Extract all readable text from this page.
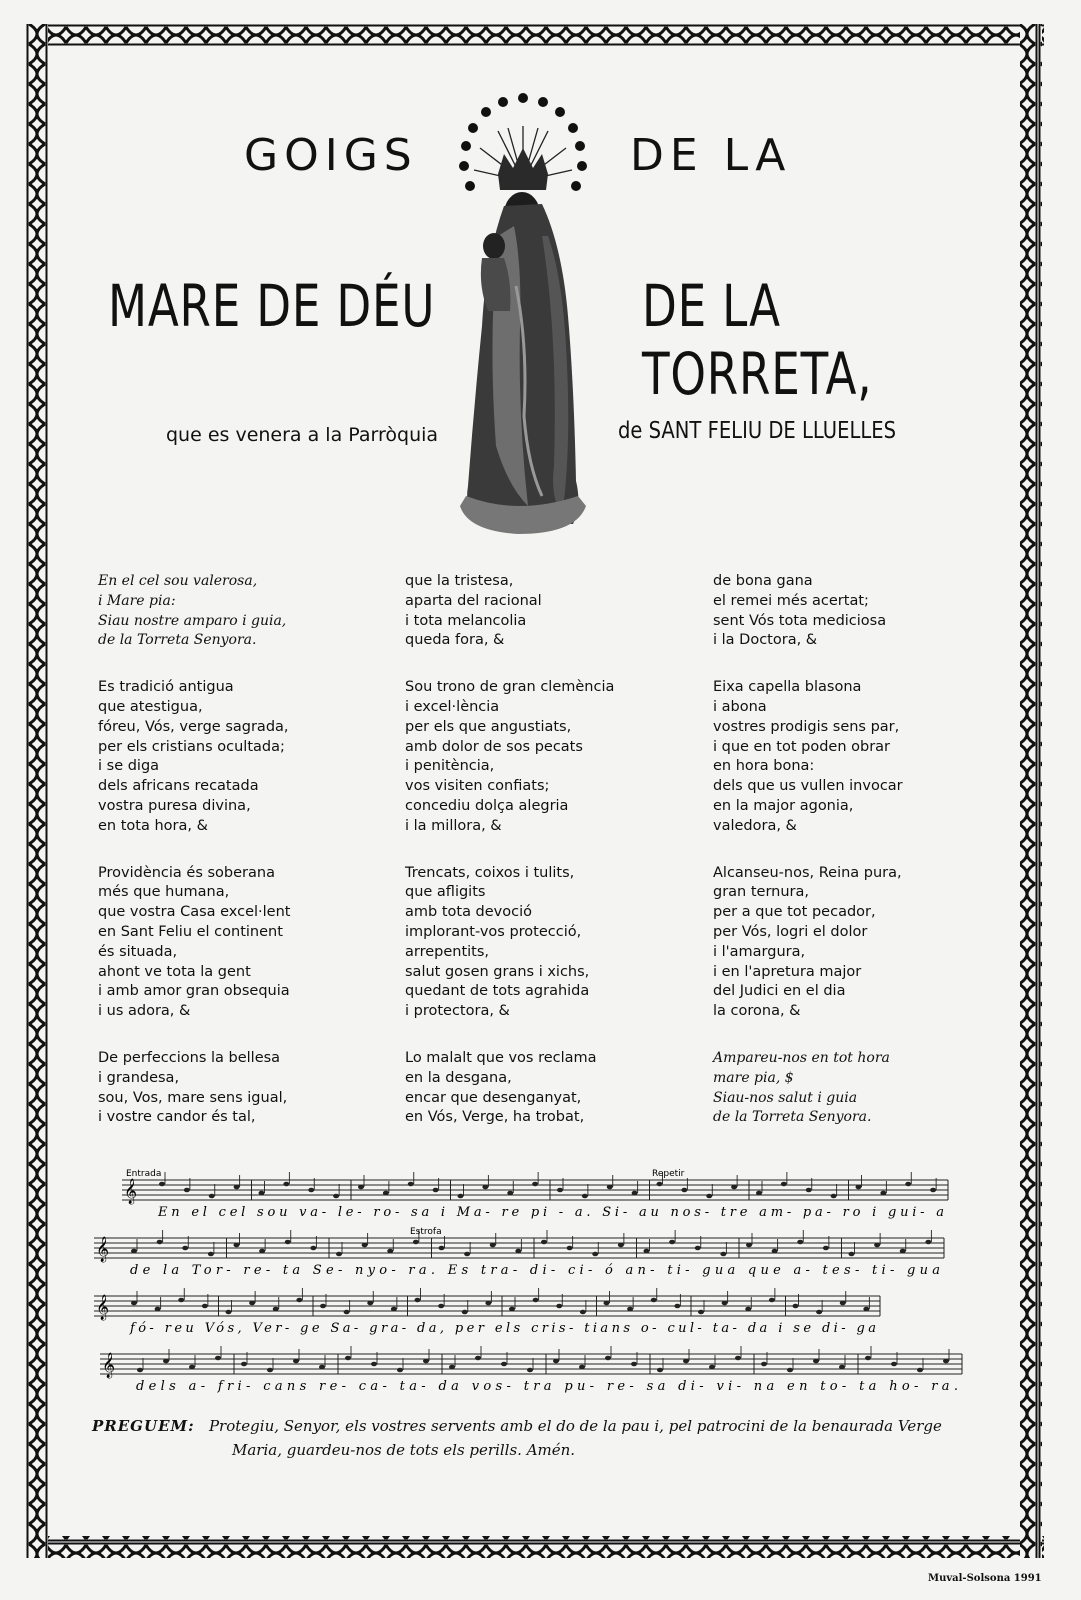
GOIGS	DE LA
MARE DE DÉU	DE LA TORRETA,
que es venera a la Parròquia	de SANT FELIU DE LLUELLES
En el cel sou valerosa,
i Mare pia:
Siau nostre amparo i guia,
de la Torreta Senyora.
Es tradició antigua
que atestigua,
fóreu, Vós, verge sagrada,
per els cristians ocultada;
i se diga
dels africans recatada
vostra puresa divina,
en tota hora, &
Providència és soberana
més que humana,
que vostra Casa excel·lent
en Sant Feliu el continent
és situada,
ahont ve tota la gent
i amb amor gran obsequia
i us adora, &
De perfeccions la bellesa
i grandesa,
sou, Vos, mare sens igual,
i vostre candor és tal,
que la tristesa,
aparta del racional
i tota melancolia
queda fora, &
Sou trono de gran clemència
i excel·lència
per els que angustiats,
amb dolor de sos pecats
i penitència,
vos visiten confiats;
concediu dolça alegria
i la millora, &
Trencats, coixos i tulits,
que afligits
amb tota devoció
implorant-vos protecció,
arrepentits,
salut gosen grans i xichs,
quedant de tots agrahida
i protectora, &
Lo malalt que vos reclama
en la desgana,
encar que desenganyat,
en Vós, Verge, ha trobat,
de bona gana
el remei més acertat;
sent Vós tota mediciosa
i la Doctora, &
Eixa capella blasona
i abona
vostres prodigis sens par,
i que en tot poden obrar
en hora bona:
dels que us vullen invocar
en la major agonia,
valedora, &
Alcanseu-nos, Reina pura,
gran ternura,
per a que tot pecador,
per Vós, logri el dolor
i l'amargura,
i en l'apretura major
del Judici en el dia
la corona, &
Ampareu-nos en tot hora
mare pia, $
Siau-nos salut i guia
de la Torreta Senyora.
𝄞
En el cel sou va- le- ro- sa i Ma- re pi - a. Si- au nos- tre am- pa- ro i gui- a
𝄞
de la Tor- re- ta Se- nyo- ra. Es tra- di- ci- ó an- ti- gua que a- tes- ti- gua
𝄞
fó- reu Vós, Ver- ge Sa- gra- da, per els cris- tians o- cul- ta- da i se di- ga
𝄞
dels a- fri- cans re- ca- ta- da vos- tra pu- re- sa di- vi- na en to- ta ho- ra.
Entrada	Repetir
Estrofa
PREGUEM: Protegiu, Senyor, els vostres servents amb el do de la pau i, pel patrocini de la benaurada Verge
Maria, guardeu-nos de tots els perills. Amén.
Muval-Solsona 1991
